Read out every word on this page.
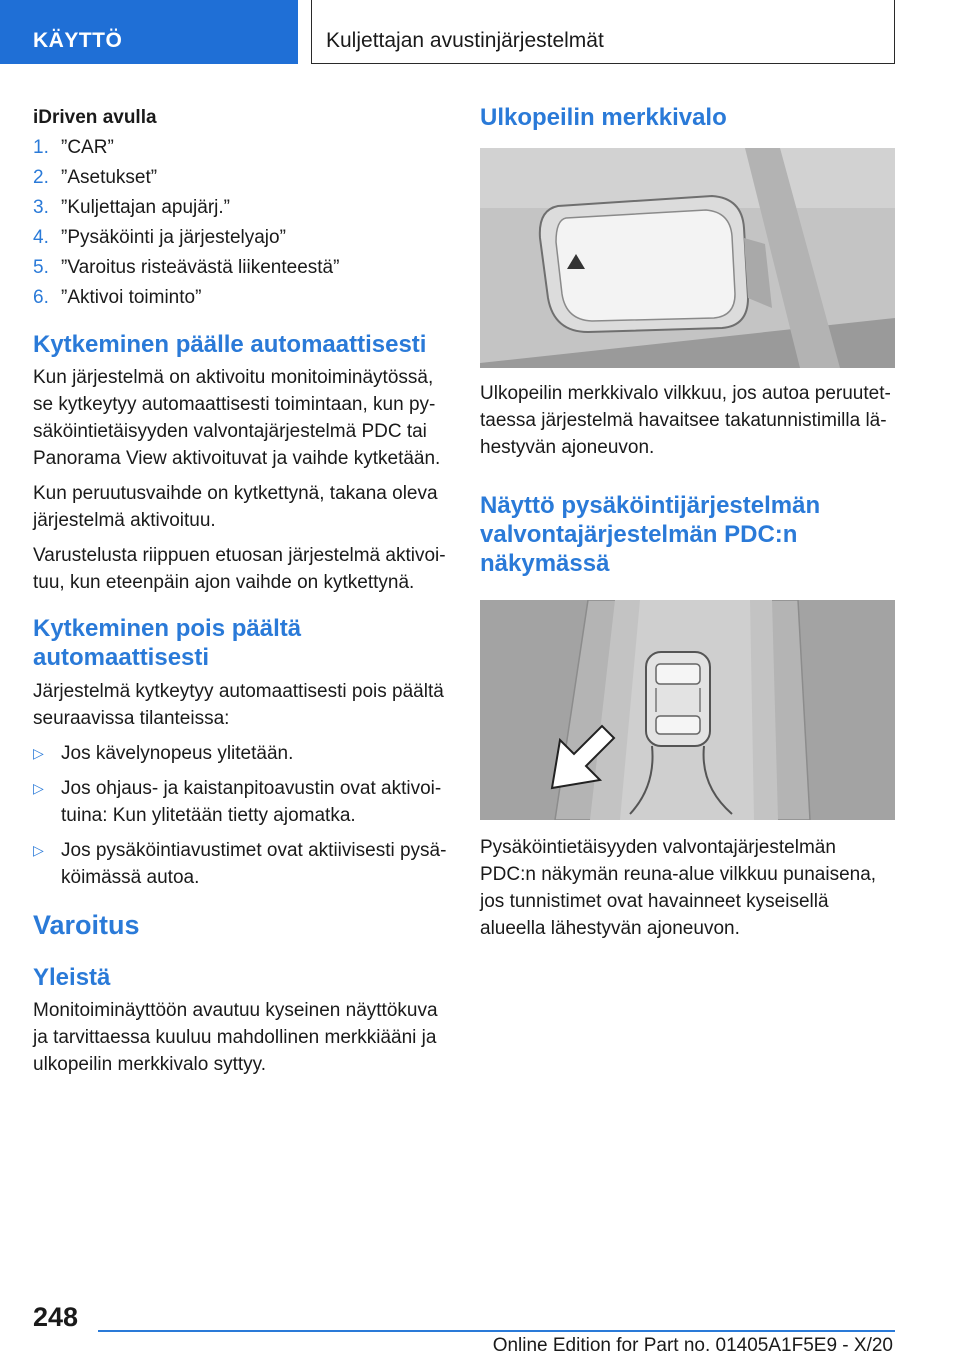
KÄYTTÖ	Kuljettajan avustinjärjestelmät
iDriven avulla
1. ”CAR”
2. ”Asetukset”
3. ”Kuljettajan apujärj.”
4. ”Pysäköinti ja järjestelyajo”
5. ”Varoitus risteävästä liikenteestä”
6. ”Aktivoi toiminto”
Kytkeminen päälle automaattisesti

Kun järjestelmä on aktivoitu monitoiminäytössä, se kytkeytyy automaattisesti toimintaan, kun pysäköintietäisyyden valvontajärjestelmä PDC tai Panorama View aktivoituvat ja vaihde kytketään.

Kun peruutusvaihde on kytkettynä, takana oleva järjestelmä aktivoituu.

Varustelusta riippuen etuosan järjestelmä aktivoituu, kun eteenpäin ajon vaihde on kytkettynä.

Kytkeminen pois päältä automaattisesti

Järjestelmä kytkeytyy automaattisesti pois päältä seuraavissa tilanteissa:

▷ Jos kävelynopeus ylitetään.
▷ Jos ohjaus- ja kaistanpitoavustin ovat aktivoituina: Kun ylitetään tietty ajomatka.
▷ Jos pysäköintiavustimet ovat aktiivisesti pysäköimässä autoa.
Varoitus
Yleistä

Monitoiminäyttöön avautuu kyseinen näyttökuva ja tarvittaessa kuuluu mahdollinen merkkiääni ja ulkopeilin merkkivalo syttyy.

Ulkopeilin merkkivalo

Ulkopeilin merkkivalo vilkkuu, jos autoa peruutettaessa järjestelmä havaitsee takatunnistimilla lähestyvän ajoneuvon.

Näyttö pysäköintijärjestelmän valvontajärjestelmän PDC:n näkymässä

Pysäköintietäisyyden valvontajärjestelmän PDC:n näkymän reuna-alue vilkkuu punaisena, jos tunnistimet ovat havainneet kyseisellä alueella lähestyvän ajoneuvon.

248
Online Edition for Part no. 01405A1F5E9 - X/20
